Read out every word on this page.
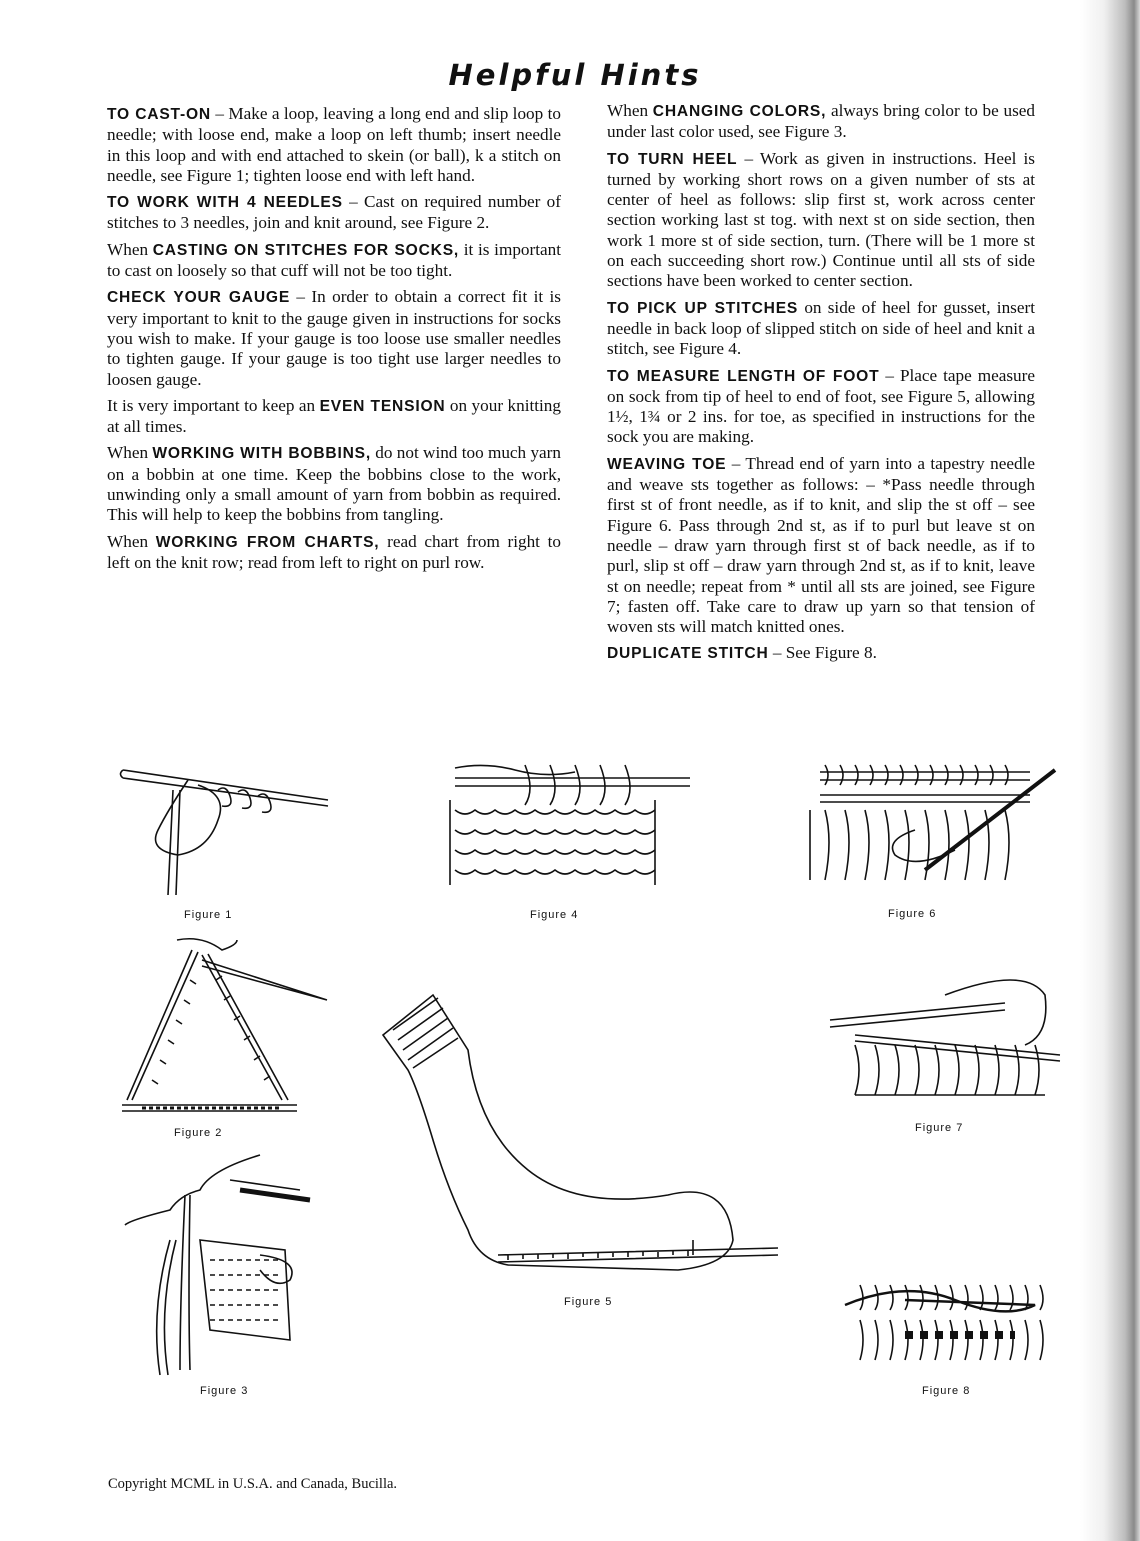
Helpful Hints

TO CAST-ON – Make a loop, leaving a long end and slip loop to needle; with loose end, make a loop on left thumb; insert needle in this loop and with end attached to skein (or ball), k a stitch on needle, see Figure 1; tighten loose end with left hand.

TO WORK WITH 4 NEEDLES – Cast on required number of stitches to 3 needles, join and knit around, see Figure 2.

When CASTING ON STITCHES FOR SOCKS, it is important to cast on loosely so that cuff will not be too tight.

CHECK YOUR GAUGE – In order to obtain a correct fit it is very important to knit to the gauge given in instructions for socks you wish to make. If your gauge is too loose use smaller needles to tighten gauge. If your gauge is too tight use larger needles to loosen gauge.

It is very important to keep an EVEN TENSION on your knitting at all times.

When WORKING WITH BOBBINS, do not wind too much yarn on a bobbin at one time. Keep the bobbins close to the work, unwinding only a small amount of yarn from bobbin as required. This will help to keep the bobbins from tangling.

When WORKING FROM CHARTS, read chart from right to left on the knit row; read from left to right on purl row.

When CHANGING COLORS, always bring color to be used under last color used, see Figure 3.

TO TURN HEEL – Work as given in instructions. Heel is turned by working short rows on a given number of sts at center of heel as follows: slip first st, work across center section working last st tog. with next st on side section, then work 1 more st of side section, turn. (There will be 1 more st on each succeeding short row.) Continue until all sts of side sections have been worked to center section.

TO PICK UP STITCHES on side of heel for gusset, insert needle in back loop of slipped stitch on side of heel and knit a stitch, see Figure 4.

TO MEASURE LENGTH OF FOOT – Place tape measure on sock from tip of heel to end of foot, see Figure 5, allowing 1½, 1¾ or 2 ins. for toe, as specified in instructions for the sock you are making.

WEAVING TOE – Thread end of yarn into a tapestry needle and weave sts together as follows: – *Pass needle through first st of front needle, as if to knit, and slip the st off – see Figure 6. Pass through 2nd st, as if to purl but leave st on needle – draw yarn through first st of back needle, as if to purl, slip st off – draw yarn through 2nd st, as if to knit, leave st on needle; repeat from * until all sts are joined, see Figure 7; fasten off. Take care to draw up yarn so that tension of woven sts will match knitted ones.

DUPLICATE STITCH – See Figure 8.

Figure 1	Figure 4	Figure 6
Figure 2
Figure 5
Figure 7
Figure 3	Figure 8
Copyright MCML in U.S.A. and Canada, Bucilla.
